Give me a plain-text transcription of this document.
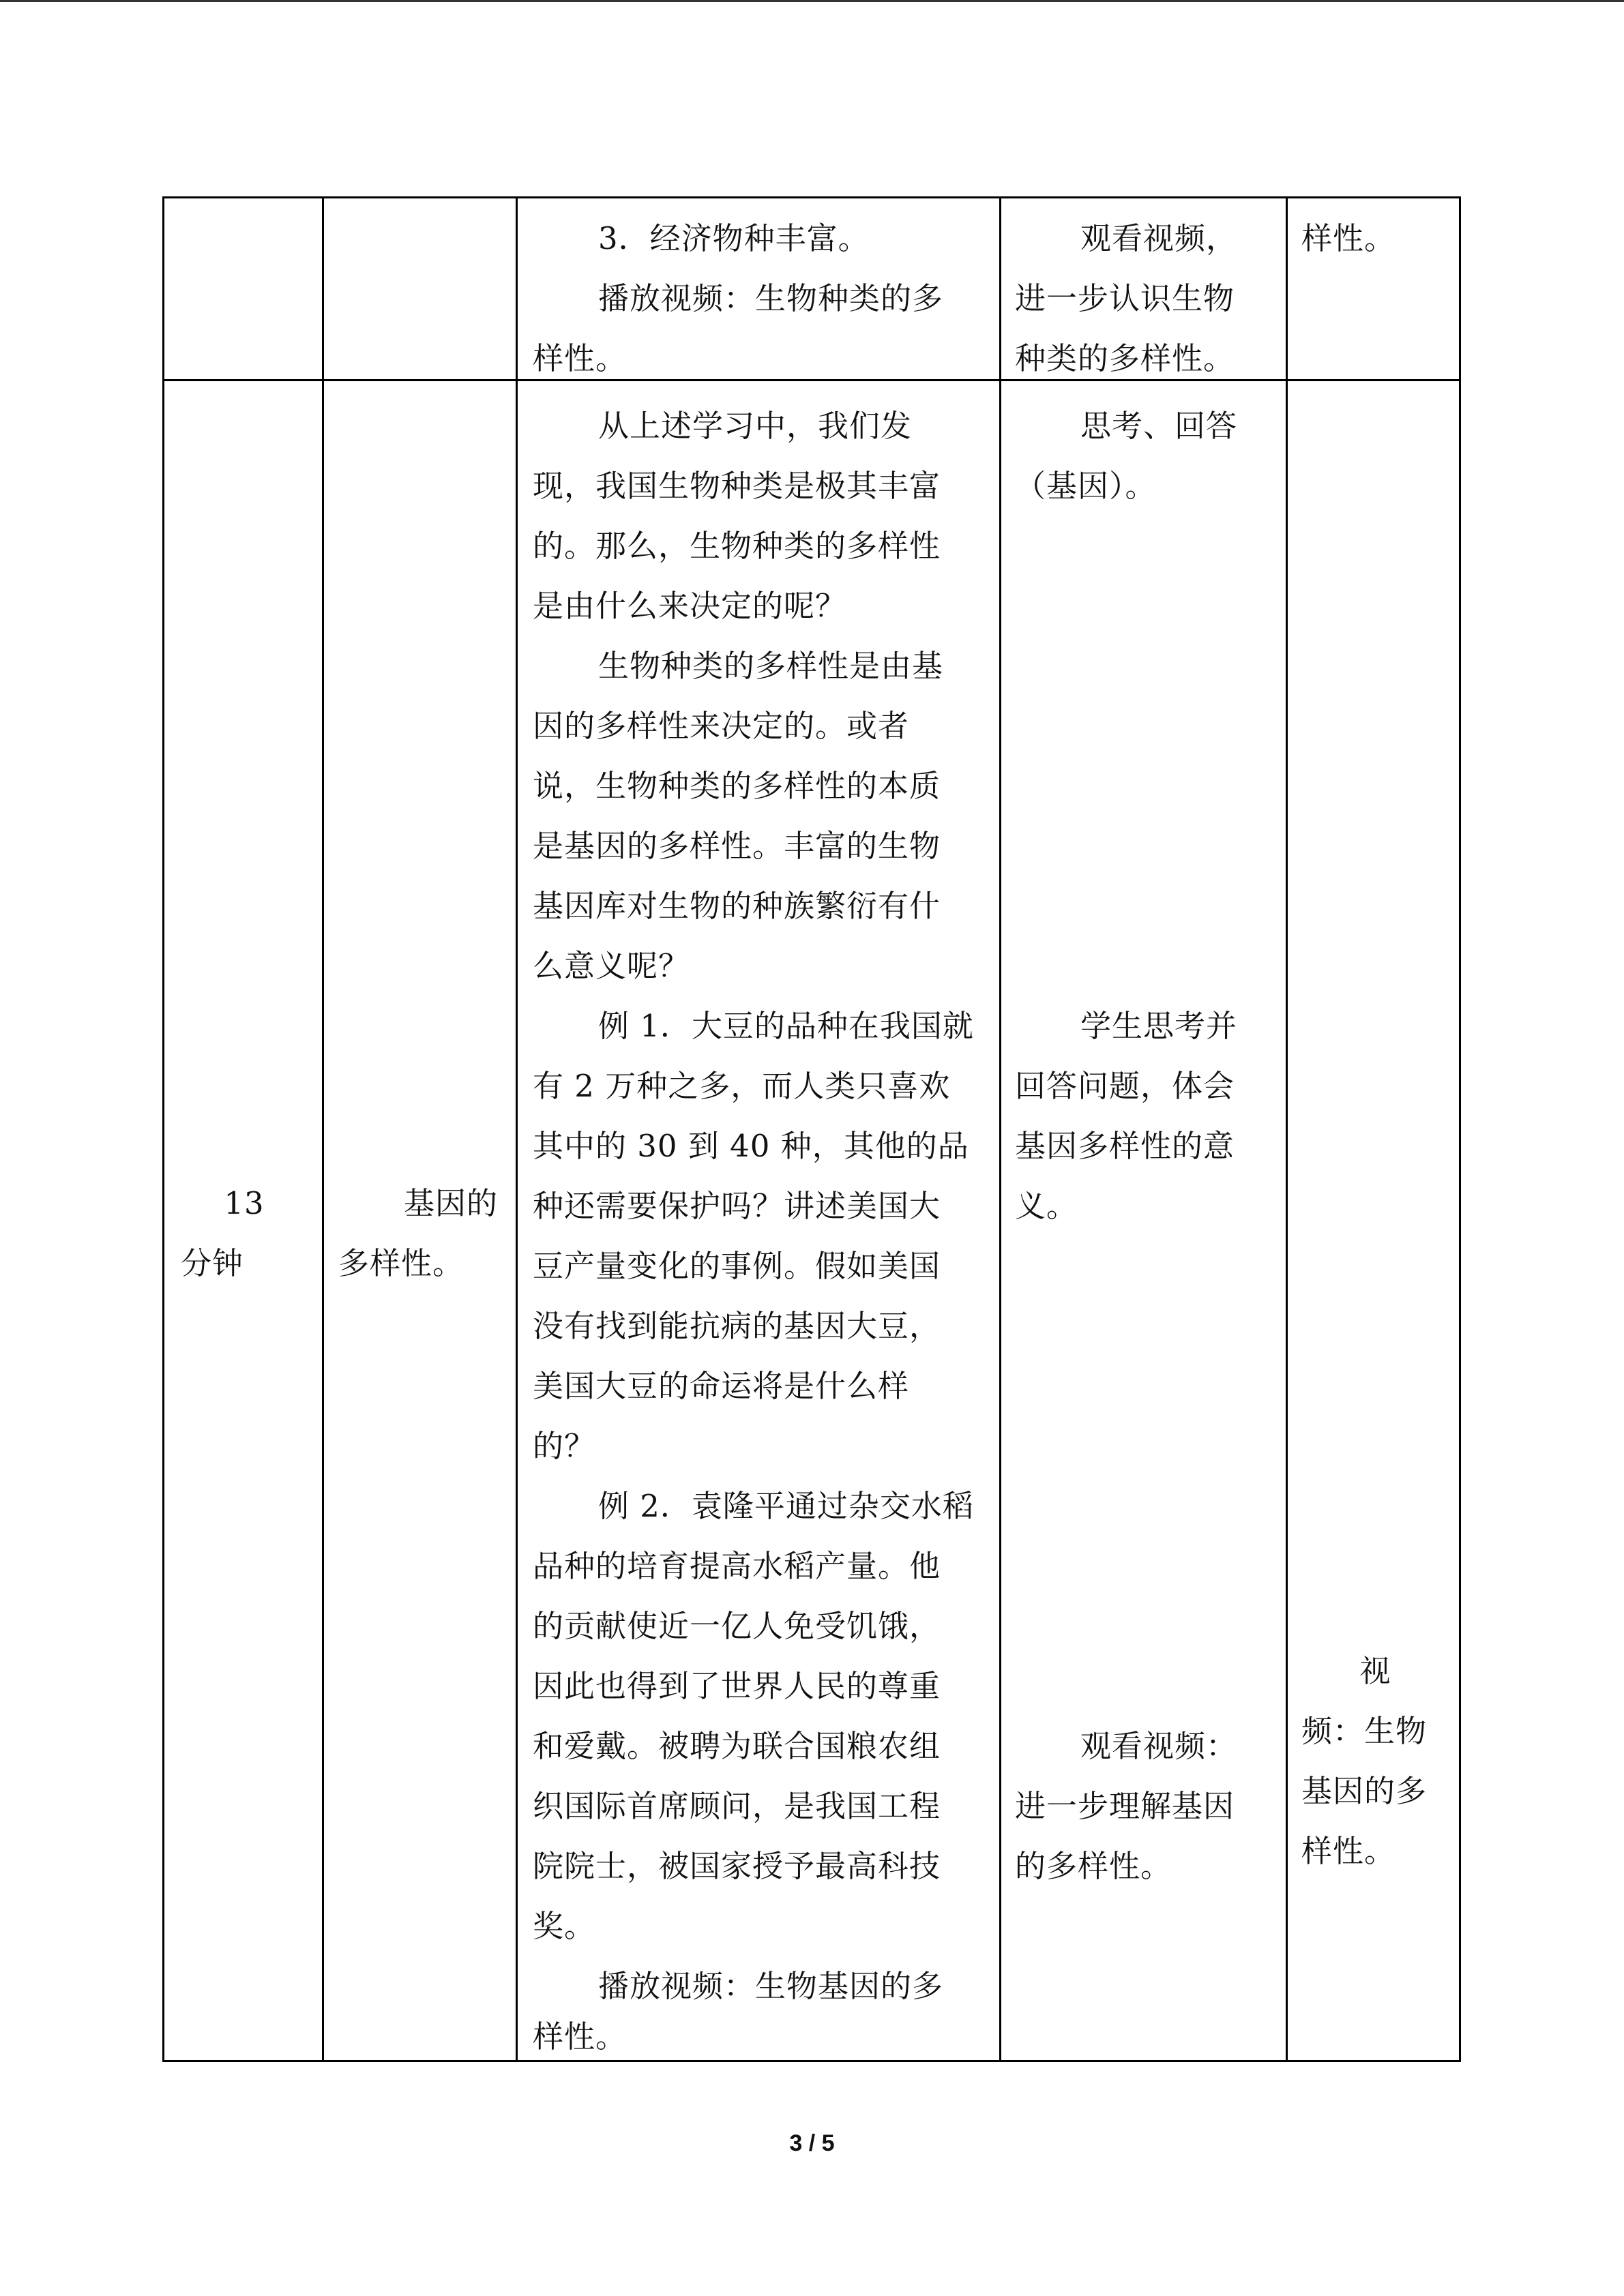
3．经济物种丰富。

播放视频：生物种类的多

样性。

观看视频，

进一步认识生物

种类的多样性。

样性。

13

分钟

基因的

多样性。

从上述学习中，我们发

现，我国生物种类是极其丰富

的。那么，生物种类的多样性

是由什么来决定的呢？

生物种类的多样性是由基

因的多样性来决定的。或者

说，生物种类的多样性的本质

是基因的多样性。丰富的生物

基因库对生物的种族繁衍有什

么意义呢？

例 1．大豆的品种在我国就

有 2 万种之多，而人类只喜欢

其中的 30 到 40 种，其他的品

种还需要保护吗？讲述美国大

豆产量变化的事例。假如美国

没有找到能抗病的基因大豆，

美国大豆的命运将是什么样

的？

例 2．袁隆平通过杂交水稻

品种的培育提高水稻产量。他

的贡献使近一亿人免受饥饿，

因此也得到了世界人民的尊重

和爱戴。被聘为联合国粮农组

织国际首席顾问，是我国工程

院院士，被国家授予最高科技

奖。

播放视频：生物基因的多

样性。

思考、回答

（基因）。

学生思考并

回答问题，体会

基因多样性的意

义。

观看视频：

进一步理解基因

的多样性。

视

频：生物

基因的多

样性。

3 / 5
